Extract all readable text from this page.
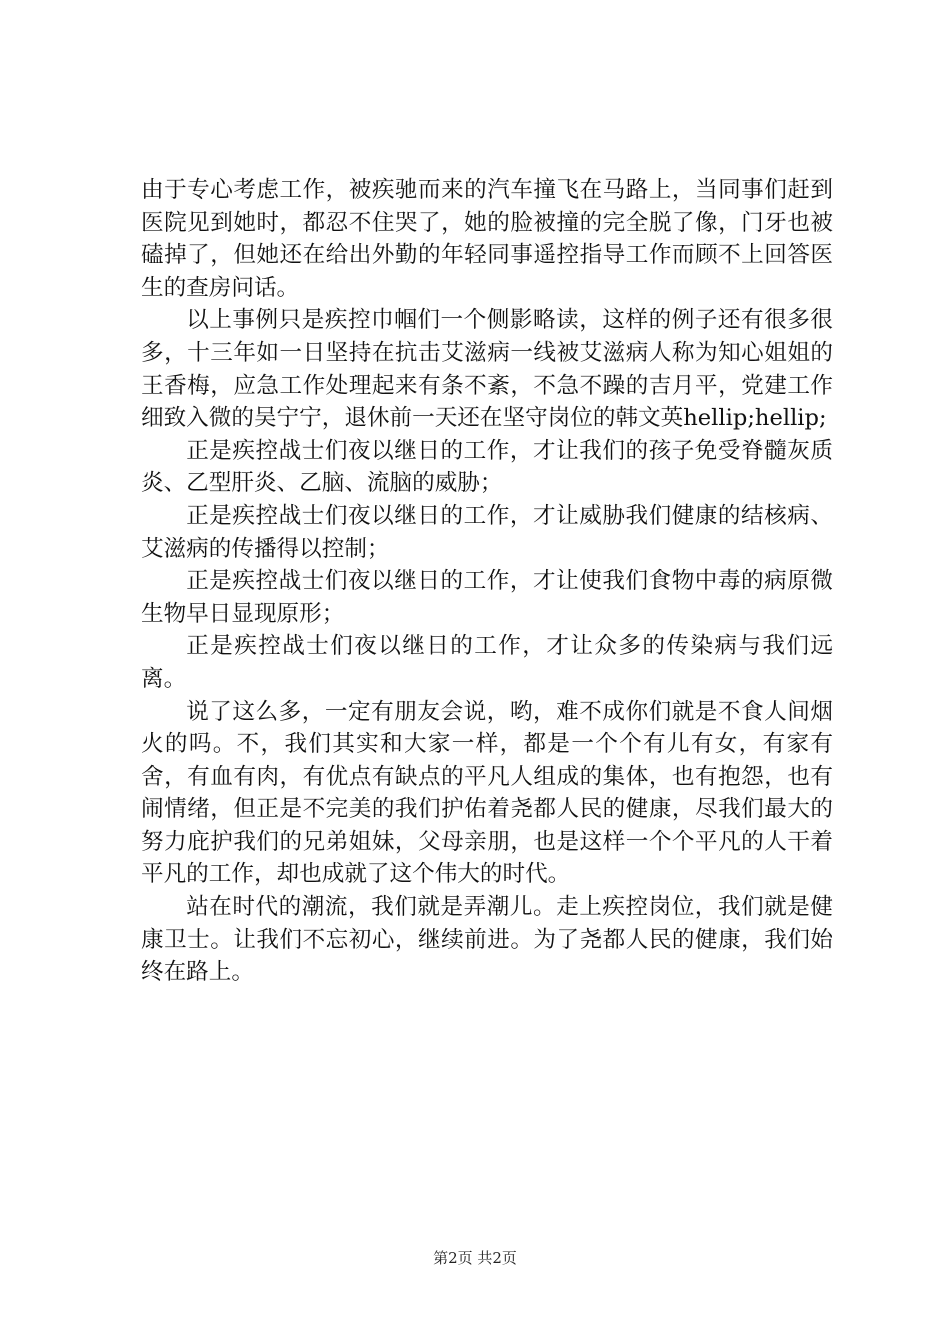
由于专心考虑工作，被疾驰而来的汽车撞飞在马路上，当同事们赶到医院见到她时，都忍不住哭了，她的脸被撞的完全脱了像，门牙也被磕掉了，但她还在给出外勤的年轻同事遥控指导工作而顾不上回答医生的查房问话。

以上事例只是疾控巾帼们一个侧影略读，这样的例子还有很多很多，十三年如一日坚持在抗击艾滋病一线被艾滋病人称为知心姐姐的王香梅，应急工作处理起来有条不紊，不急不躁的吉月平，党建工作细致入微的吴宁宁，退休前一天还在坚守岗位的韩文英hellip;hellip;

正是疾控战士们夜以继日的工作，才让我们的孩子免受脊髓灰质炎、乙型肝炎、乙脑、流脑的威胁；

正是疾控战士们夜以继日的工作，才让威胁我们健康的结核病、艾滋病的传播得以控制；

正是疾控战士们夜以继日的工作，才让使我们食物中毒的病原微生物早日显现原形；

正是疾控战士们夜以继日的工作，才让众多的传染病与我们远离。

说了这么多，一定有朋友会说，哟，难不成你们就是不食人间烟火的吗。不，我们其实和大家一样，都是一个个有儿有女，有家有舍，有血有肉，有优点有缺点的平凡人组成的集体，也有抱怨，也有闹情绪，但正是不完美的我们护佑着尧都人民的健康，尽我们最大的努力庇护我们的兄弟姐妹，父母亲朋，也是这样一个个平凡的人干着平凡的工作，却也成就了这个伟大的时代。

站在时代的潮流，我们就是弄潮儿。走上疾控岗位，我们就是健康卫士。让我们不忘初心，继续前进。为了尧都人民的健康，我们始终在路上。

第2页 共2页
